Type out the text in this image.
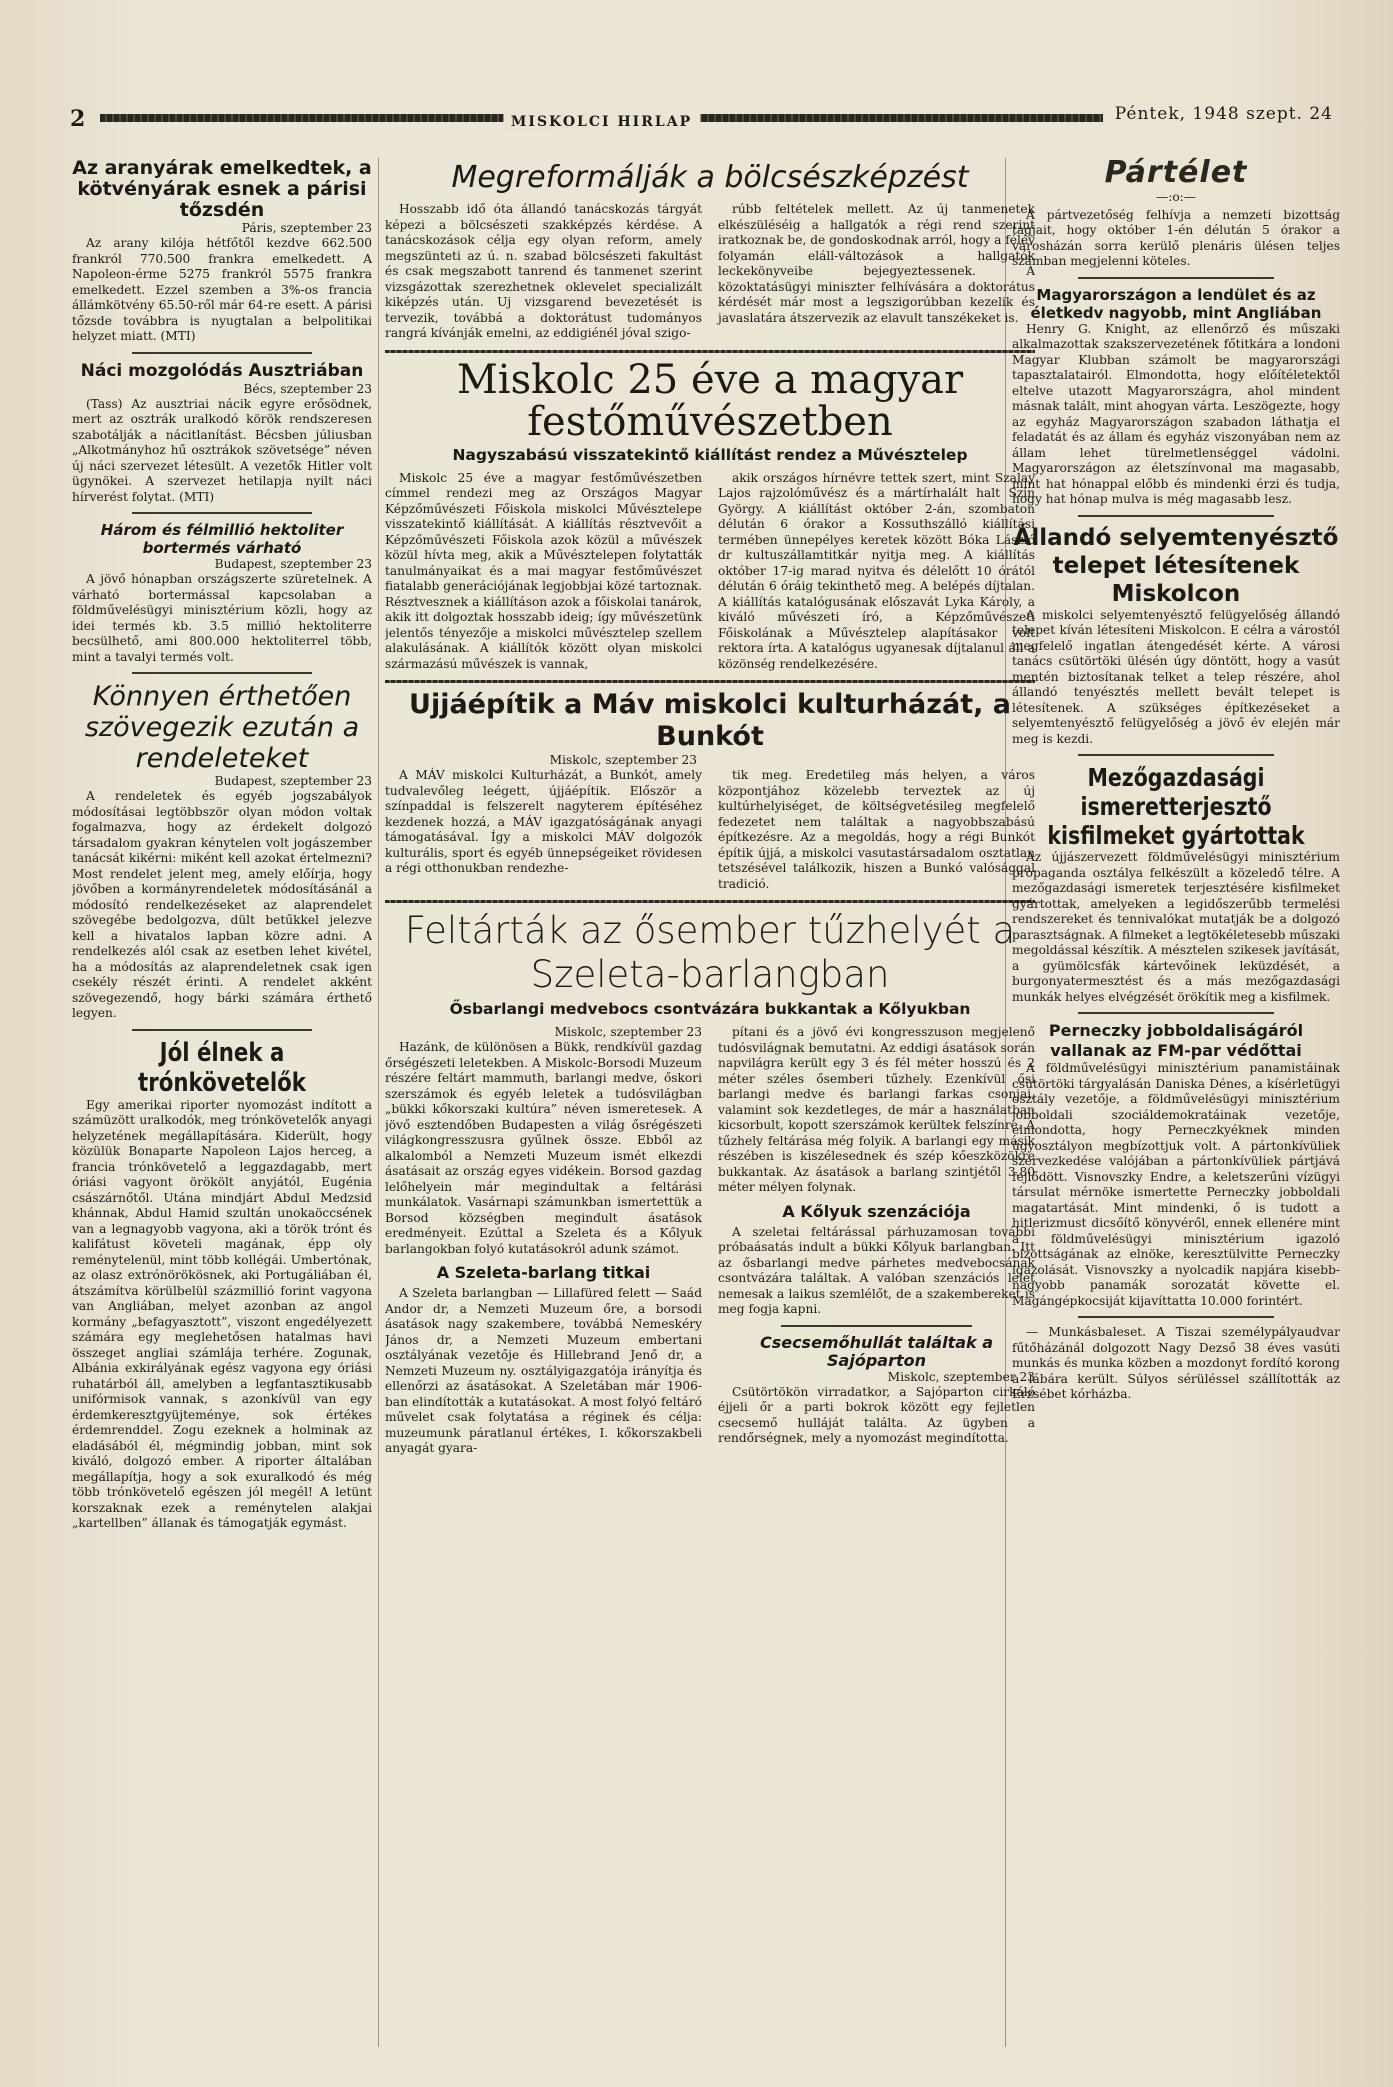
2	MISKOLCI HIRLAP	Péntek, 1948 szept. 24
Az aranyárak emelkedtek, a kötvényárak esnek a párisi tőzsdén

Páris, szeptember 23

Az arany kilója hétfőtől kezdve 662.500 frankról 770.500 frankra emelkedett. A Napoleon-érme 5275 frankról 5575 frankra emelkedett. Ezzel szemben a 3%-os francia állámkötvény 65.50-ről már 64-re esett. A párisi tőzsde továbbra is nyugtalan a belpolitikai helyzet miatt. (MTI)

Náci mozgolódás Ausztriában

Bécs, szeptember 23

(Tass) Az ausztriai nácik egyre erősödnek, mert az osztrák uralkodó körök rendszeresen szabotálják a nácitlanítást. Bécsben júliusban „Alkotmányhoz hű osztrákok szövetsége” néven új náci szervezet létesült. A vezetők Hitler volt ügynökei. A szervezet hetilapja nyilt náci hírverést folytat. (MTI)

Három és félmillió hektoliter bortermés várható

Budapest, szeptember 23

A jövő hónapban országszerte szüretelnek. A várható bortermással kapcsolaban a földművelésügyi minisztérium közli, hogy az idei termés kb. 3.5 millió hektoliterre becsülhető, ami 800.000 hektoliterrel több, mint a tavalyi termés volt.

Könnyen érthetően szövegezik ezután a rendeleteket

Budapest, szeptember 23

A rendeletek és egyéb jogszabályok módosításai legtöbbször olyan módon voltak fogalmazva, hogy az érdekelt dolgozó társadalom gyakran kénytelen volt jogászember tanácsát kikérni: miként kell azokat értelmezni? Most rendelet jelent meg, amely előírja, hogy jövőben a kormányrendeletek módosításánál a módosító rendelkezéseket az alaprendelet szövegébe bedolgozva, dült betűkkel jelezve kell a hivatalos lapban közre adni. A rendelkezés alól csak az esetben lehet kivétel, ha a módosítás az alaprendeletnek csak igen csekély részét érinti. A rendelet akként szövegezendő, hogy bárki számára érthető legyen.

Jól élnek a trónkövetelők

Egy amerikai riporter nyomozást indított a számüzött uralkodók, meg trónkövetelők anyagi helyzetének megállapítására. Kiderült, hogy közülük Bonaparte Napoleon Lajos herceg, a francia trónkövetelő a leggazdagabb, mert óriási vagyont örökölt anyjától, Eugénia császárnőtől. Utána mindjárt Abdul Medzsid khánnak, Abdul Hamid szultán unokaöccsének van a legnagyobb vagyona, aki a török trónt és kalifátust követeli magának, épp oly reménytelenül, mint több kollégái. Umbertónak, az olasz extrónörökösnek, aki Portugáliában él, átszámítva körülbelül százmillió forint vagyona van Angliában, melyet azonban az angol kormány „befagyasztott”, viszont engedélyezett számára egy meglehetősen hatalmas havi összeget angliai számlája terhére. Zogunak, Albánia exkirályának egész vagyona egy óriási ruhatárból áll, amelyben a legfantasztikusabb unifórmisok vannak, s azonkívül van egy érdemkeresztgyüjteménye, sok értékes érdemrenddel. Zogu ezeknek a holminak az eladásából él, mégmindig jobban, mint sok kiváló, dolgozó ember. A riporter általában megállapítja, hogy a sok exuralkodó és még több trónkövetelő egészen jól megél! A letünt korszaknak ezek a reménytelen alakjai „kartellben” állanak és támogatják egymást.

Megreformálják a bölcsészképzést

Hosszabb idő óta állandó tanácskozás tárgyát képezi a bölcsészeti szakképzés kérdése. A tanácskozások célja egy olyan reform, amely megszünteti az ú. n. szabad bölcsészeti fakultást és csak megszabott tanrend és tanmenet szerint vizsgázottak szerezhetnek oklevelet specializált kiképzés után. Uj vizsgarend bevezetését is tervezik, továbbá a doktorátust tudományos rangrá kívánják emelni, az eddigiénél jóval szigo-

rúbb feltételek mellett. Az új tanmenetek elkészüléséig a hallgatók a régi rend szerint iratkoznak be, de gondoskodnak arról, hogy a félév folyamán eláll-változások a hallgatók leckekönyveibe bejegyeztessenek. A közoktatásügyi miniszter felhívására a doktorátus kérdését már most a legszigorúbban kezelik és javaslatára átszervezik az elavult tanszékeket is.

Miskolc 25 éve a magyar festőművészetben
Nagyszabású visszatekintő kiállítást rendez a Művésztelep

Miskolc 25 éve a magyar festőművészetben címmel rendezi meg az Országos Magyar Képzőművészeti Főiskola miskolci Művésztelepe visszatekintő kiállítását. A kiállítás résztvevőit a Képzőművészeti Főiskola azok közül a művészek közül hívta meg, akik a Művésztelepen folytatták tanulmányaikat és a mai magyar festőművészet fiatalabb generációjának legjobbjai közé tartoznak. Résztvesznek a kiállításon azok a főiskolai tanárok, akik itt dolgoztak hosszabb ideig; így művészetünk jelentős tényezője a miskolci művésztelep szellem alakulásának. A kiállítók között olyan miskolci származású művészek is vannak,

akik országos hírnévre tettek szert, mint Szalay Lajos rajzolóművész és a mártírhalált halt Szin György. A kiállítást október 2-án, szombaton délután 6 órakor a Kossuthszálló kiállítási termében ünnepélyes keretek között Bóka László dr kultuszállamtitkár nyitja meg. A kiállítás október 17-ig marad nyitva és délelőtt 10 órától délután 6 óráig tekinthető meg. A belépés díjtalan. A kiállítás katalógusának előszavát Lyka Károly, a kiváló művészeti író, a Képzőművészeti Főiskolának a Művésztelep alapításakor volt rektora írta. A katalógus ugyanesak díjtalanul áll a közönség rendelkezésére.

Ujjáépítik a Máv miskolci kulturházát, a Bunkót

Miskolc, szeptember 23

A MÁV miskolci Kulturházát, a Bunkót, amely tudvalevőleg leégett, újjáépítik. Először a színpaddal is felszerelt nagyterem építéséhez kezdenek hozzá, a MÁV igazgatóságának anyagi támogatásával. Így a miskolci MÁV dolgozók kulturális, sport és egyéb ünnepségeiket rövidesen a régi otthonukban rendezhe-

tik meg. Eredetileg más helyen, a város központjához közelebb terveztek az új kultúrhelyiséget, de költségvetésileg megfelelő fedezetet nem találtak a nagyobbszabású építkezésre. Az a megoldás, hogy a régi Bunkót építik újjá, a miskolci vasutastársadalom osztatlan tetszésével találkozik, hiszen a Bunkó valósággal tradició.

Feltárták az ősember tűzhelyét a Szeleta-barlangban
Ősbarlangi medvebocs csontvázára bukkantak a Kőlyukban

Miskolc, szeptember 23

Hazánk, de különösen a Bükk, rendkívül gazdag őrségészeti leletekben. A Miskolc-Borsodi Muzeum részére feltárt mammuth, barlangi medve, őskori szerszámok és egyéb leletek a tudósvilágban „bükki kőkorszaki kultúra” néven ismeretesek. A jövő esztendőben Budapesten a világ ősrégészeti világkongresszusra gyűlnek össze. Ebből az alkalomból a Nemzeti Muzeum ismét elkezdi ásatásait az ország egyes vidékein. Borsod gazdag lelőhelyein már megindultak a feltárási munkálatok. Vasárnapi számunkban ismertettük a Borsod községben megindult ásatások eredményeit. Ezúttal a Szeleta és a Kőlyuk barlangokban folyó kutatásokról adunk számot.

A Szeleta-barlang titkai

A Szeleta barlangban — Lillafüred felett — Saád Andor dr, a Nemzeti Muzeum őre, a borsodi ásatások nagy szakembere, továbbá Nemeskéry János dr, a Nemzeti Muzeum embertani osztályának vezetője és Hillebrand Jenő dr, a Nemzeti Muzeum ny. osztályigazgatója irányítja és ellenőrzi az ásatásokat. A Szeletában már 1906-ban elindították a kutatásokat. A most folyó feltáró művelet csak folytatása a réginek és célja: muzeumunk páratlanul értékes, I. kőkorszakbeli anyagát gyara-

pítani és a jövő évi kongresszuson megjelenő tudósvilágnak bemutatni. Az eddigi ásatások során napvilágra került egy 3 és fél méter hosszú és 2 méter széles ősemberi tűzhely. Ezenkívül ősi barlangi medve és barlangi farkas csonjai, valamint sok kezdetleges, de már a használatban kicsorbult, kopott szerszámok kerültek felszínre. A tűzhely feltárása még folyik. A barlangi egy másik részében is kiszélesednek és szép kőeszközökre bukkantak. Az ásatások a barlang szintjétől 3.80 méter mélyen folynak.

A Kőlyuk szenzációja

A szeletai feltárással párhuzamosan további próbaásatás indult a bükki Kőlyuk barlangban. Itt az ősbarlangi medve párhetes medvebocsának csontvázára találtak. A valóban szenzációs lelet nemesak a laikus szemlélőt, de a szakembereket is meg fogja kapni.

Csecsemőhullát találtak a Sajóparton

Miskolc, szeptember 23

Csütörtökön virradatkor, a Sajóparton cirkáló éjjeli őr a parti bokrok között egy fejletlen csecsemő hulláját találta. Az ügyben a rendőrségnek, mely a nyomozást megindította.

Pártélet

—:o:—

A pártvezetőség felhívja a nemzeti bizottság tagjait, hogy október 1-én délután 5 órakor a városházán sorra kerülő plenáris ülésen teljes számban megjelenni köteles.

Magyarországon a lendület és az életkedv nagyobb, mint Angliában

Henry G. Knight, az ellenőrző és műszaki alkalmazottak szakszervezetének főtitkára a londoni Magyar Klubban számolt be magyarországi tapasztalatairól. Elmondotta, hogy előítéletektől eltelve utazott Magyarországra, ahol mindent másnak talált, mint ahogyan várta. Leszögezte, hogy az egyház Magyarországon szabadon láthatja el feladatát és az állam és egyház viszonyában nem az állam lehet türelmetlenséggel vádolni. Magyarországon az életszínvonal ma magasabb, mint hat hónappal előbb és mindenki érzi és tudja, hogy hat hónap mulva is még magasabb lesz.

Állandó selyemtenyésztő telepet létesítenek Miskolcon

A miskolci selyemtenyésztő felügyelőség állandó telepet kíván létesíteni Miskolcon. E célra a várostól megfelelő ingatlan átengedését kérte. A városi tanács csütörtöki ülésén úgy döntött, hogy a vasút mentén biztosítanak telket a telep részére, ahol állandó tenyésztés mellett bevált telepet is létesítenek. A szükséges építkezéseket a selyemtenyésztő felügyelőség a jövő év elején már meg is kezdi.

Mezőgazdasági ismeretterjesztő kisfilmeket gyártottak

Az újjászervezett földművelésügyi minisztérium propaganda osztálya felkészült a közeledő télre. A mezőgazdasági ismeretek terjesztésére kisfilmeket gyártottak, amelyeken a legidőszerűbb termelési rendszereket és tennivalókat mutatják be a dolgozó parasztságnak. A filmeket a legtökéletesebb műszaki megoldással készítik. A mésztelen szikesek javítását, a gyümölcsfák kártevőinek leküzdését, a burgonyatermesztést és a más mezőgazdasági munkák helyes elvégzését örökítik meg a kisfilmek.

Perneczky jobboldaliságáról vallanak az FM-par védőttai

A földművelésügyi minisztérium panamistáinak csütörtöki tárgyalásán Daniska Dénes, a kísérletügyi osztály vezetője, a földművelésügyi minisztérium jobboldali szociáldemokratáinak vezetője, elmondotta, hogy Perneczkyéknek minden ügyosztályon megbízottjuk volt. A pártonkívüliek szervezkedése valójában a pártonkívüliek pártjává fejlődött. Visnovszky Endre, a keletszerűni vízügyi társulat mérnöke ismertette Perneczky jobboldali magatartását. Mint mindenki, ő is tudott a hitlerizmust dicsőítő könyvéről, ennek ellenére mint a földművelésügyi minisztérium igazoló bizottságának az elnöke, keresztülvitte Perneczky igazolását. Visnovszky a nyolcadik napjára kisebb-nagyobb panamák sorozatát követte el. Magángépkocsiját kijavíttatta 10.000 forintért.

— Munkásbaleset. A Tiszai személypályaudvar fűtőházánál dolgozott Nagy Dezső 38 éves vasúti munkás és munka közben a mozdonyt fordító korong a lábára került. Súlyos sérüléssel szállították az Erzsébet kórházba.
